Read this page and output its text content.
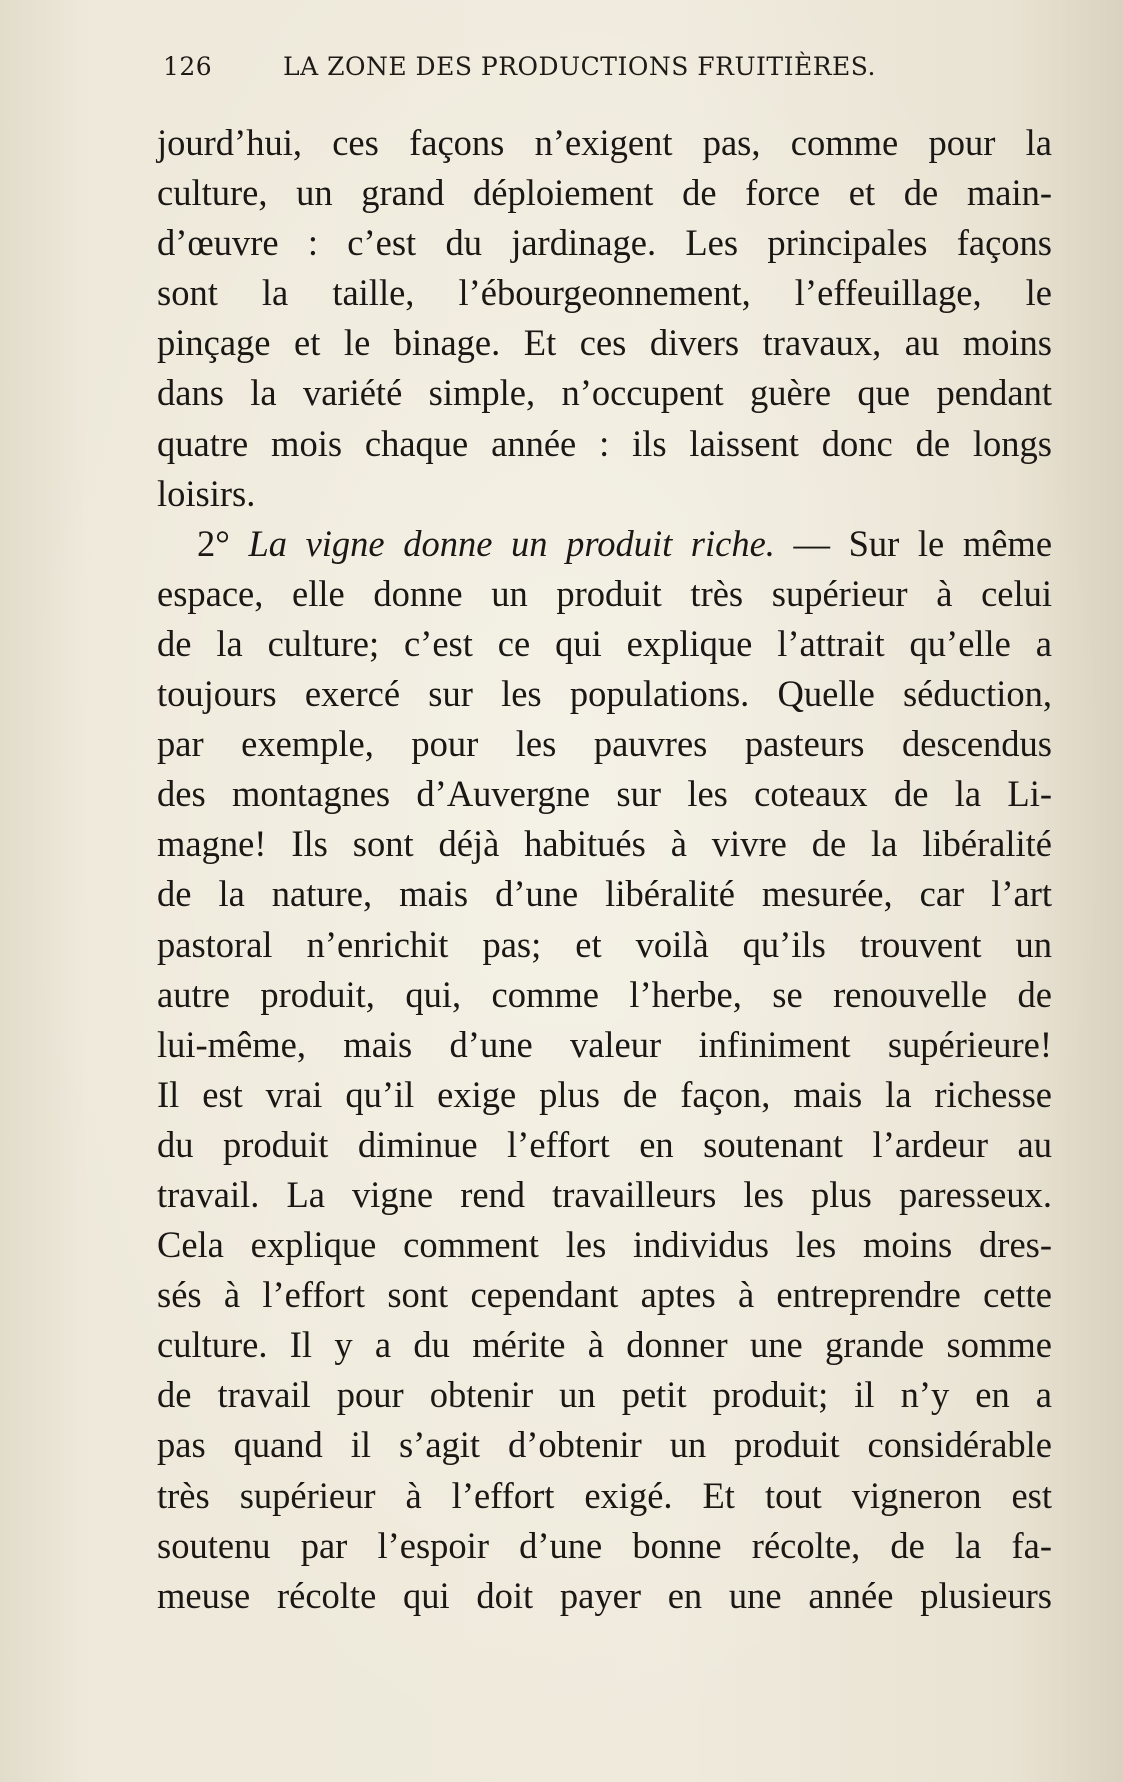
126	LA ZONE DES PRODUCTIONS FRUITIÈRES.
jourd’hui, ces façons n’exigent pas, comme pour la
culture, un grand déploiement de force et de main-
d’œuvre : c’est du jardinage. Les principales façons
sont la taille, l’ébourgeonnement, l’effeuillage, le
pinçage et le binage. Et ces divers travaux, au moins
dans la variété simple, n’occupent guère que pendant
quatre mois chaque année : ils laissent donc de longs
loisirs.
2° La vigne donne un produit riche. — Sur le même
espace, elle donne un produit très supérieur à celui
de la culture; c’est ce qui explique l’attrait qu’elle a
toujours exercé sur les populations. Quelle séduction,
par exemple, pour les pauvres pasteurs descendus
des montagnes d’Auvergne sur les coteaux de la Li-
magne! Ils sont déjà habitués à vivre de la libéralité
de la nature, mais d’une libéralité mesurée, car l’art
pastoral n’enrichit pas; et voilà qu’ils trouvent un
autre produit, qui, comme l’herbe, se renouvelle de
lui-même, mais d’une valeur infiniment supérieure!
Il est vrai qu’il exige plus de façon, mais la richesse
du produit diminue l’effort en soutenant l’ardeur au
travail. La vigne rend travailleurs les plus paresseux.
Cela explique comment les individus les moins dres-
sés à l’effort sont cependant aptes à entreprendre cette
culture. Il y a du mérite à donner une grande somme
de travail pour obtenir un petit produit; il n’y en a
pas quand il s’agit d’obtenir un produit considérable
très supérieur à l’effort exigé. Et tout vigneron est
soutenu par l’espoir d’une bonne récolte, de la fa-
meuse récolte qui doit payer en une année plusieurs
